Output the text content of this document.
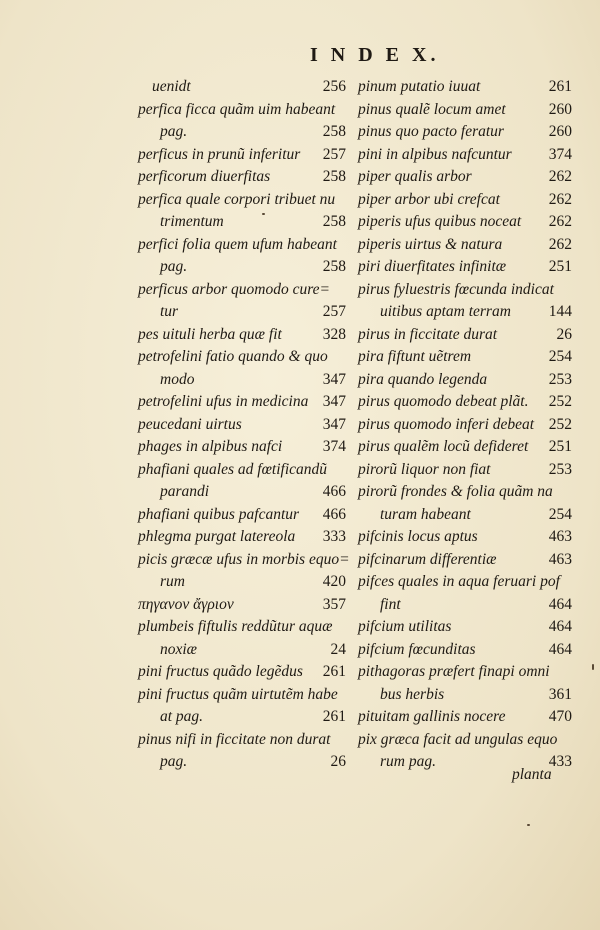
I N D E X.
uenidt	256
perfica ficca quãm uim habeant
pag.	258
perficus in prunũ inferitur 257
perficorum diuerfitas	258
perfica quale corpori tribuet nu
trimentum	258
perfici folia quem ufum habeant
pag.	258
perficus arbor quomodo cure=
tur	257
pes uituli herba quæ fit	328
petrofelini fatio quando & quo
modo	347
petrofelini ufus in medicina 347
peucedani uirtus	347
phages in alpibus nafci	374
phafiani quales ad fœtificandũ
parandi	466
phafiani quibus pafcantur 466
phlegma purgat latereola 333
picis græcæ ufus in morbis equo=
rum	420
πηγανον ἄγριον	357
plumbeis fiftulis reddũtur aquæ
noxiæ	24
pini fructus quãdo legẽdus 261
pini fructus quãm uirtutẽm habe
at pag.	261
pinus nifi in ficcitate non durat
pag.	26
pinum putatio iuuat	261
pinus qualẽ locum amet	260
pinus quo pacto feratur	260
pini in alpibus nafcuntur 374
piper qualis arbor	262
piper arbor ubi crefcat	262
piperis ufus quibus noceat 262
piperis uirtus & natura	262
piri diuerfitates infinitæ	251
pirus fyluestris fœcunda indicat
uitibus aptam terram 144
pirus in ficcitate durat	26
pira fiftunt uẽtrem	254
pira quando legenda	253
pirus quomodo debeat plãt. 252
pirus quomodo inferi debeat 252
pirus qualẽm locũ defideret 251
pirorũ liquor non fiat	253
pirorũ frondes & folia quãm na
turam habeant	254
pifcinis locus aptus	463
pifcinarum differentiæ	463
pifces quales in aqua feruari pof
fint	464
pifcium utilitas	464
pifcium fœcunditas	464
pithagoras præfert finapi omni
bus herbis	361
pituitam gallinis nocere	470
pix græca facit ad ungulas equo
rum pag.	433
planta
